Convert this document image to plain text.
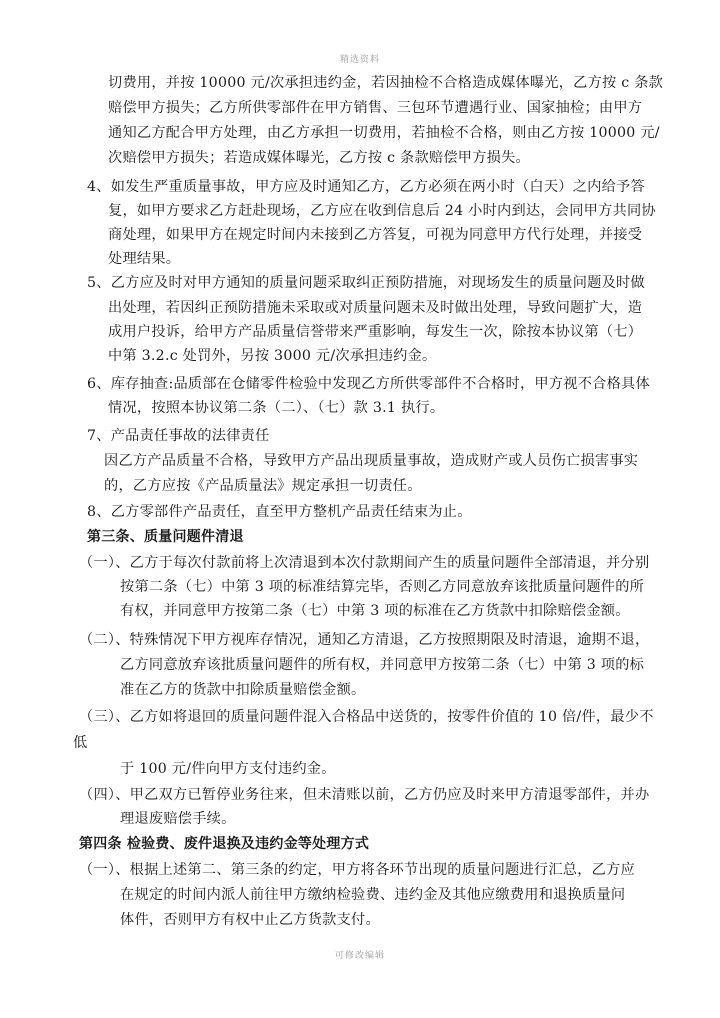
精选资料
切费用，并按 10000 元/次承担违约金，若因抽检不合格造成媒体曝光，乙方按 c 条款
赔偿甲方损失；乙方所供零部件在甲方销售、三包环节遭遇行业、国家抽检；由甲方
通知乙方配合甲方处理，由乙方承担一切费用，若抽检不合格，则由乙方按 10000 元/
次赔偿甲方损失；若造成媒体曝光，乙方按 c 条款赔偿甲方损失。
4、如发生严重质量事故，甲方应及时通知乙方，乙方必须在两小时（白天）之内给予答
复，如甲方要求乙方赶赴现场，乙方应在收到信息后 24 小时内到达，会同甲方共同协
商处理，如果甲方在规定时间内未接到乙方答复，可视为同意甲方代行处理，并接受
处理结果。
5、乙方应及时对甲方通知的质量问题采取纠正预防措施，对现场发生的质量问题及时做
出处理，若因纠正预防措施未采取或对质量问题未及时做出处理，导致问题扩大，造
成用户投诉，给甲方产品质量信誉带来严重影响，每发生一次，除按本协议第（七）
中第 3.2.c 处罚外，另按 3000 元/次承担违约金。
6、库存抽查:品质部在仓储零件检验中发现乙方所供零部件不合格时，甲方视不合格具体
情况，按照本协议第二条（二）、（七）款 3.1 执行。
7、产品责任事故的法律责任
因乙方产品质量不合格，导致甲方产品出现质量事故，造成财产或人员伤亡损害事实
的，乙方应按《产品质量法》规定承担一切责任。
8、乙方零部件产品责任，直至甲方整机产品责任结束为止。
第三条、质量问题件清退
（一）、乙方于每次付款前将上次清退到本次付款期间产生的质量问题件全部清退，并分别
按第二条（七）中第 3 项的标准结算完毕，否则乙方同意放弃该批质量问题件的所
有权，并同意甲方按第二条（七）中第 3 项的标准在乙方货款中扣除赔偿金额。
（二）、特殊情况下甲方视库存情况，通知乙方清退，乙方按照期限及时清退，逾期不退，
乙方同意放弃该批质量问题件的所有权，并同意甲方按第二条（七）中第 3 项的标
准在乙方的货款中扣除质量赔偿金额。
（三）、乙方如将退回的质量问题件混入合格品中送货的，按零件价值的 10 倍/件，最少不
低
于 100 元/件向甲方支付违约金。
（四）、甲乙双方已暂停业务往来，但未清账以前，乙方仍应及时来甲方清退零部件，并办
理退废赔偿手续。
第四条 检验费、废件退换及违约金等处理方式
（一）、根据上述第二、第三条的约定，甲方将各环节出现的质量问题进行汇总，乙方应
在规定的时间内派人前往甲方缴纳检验费、违约金及其他应缴费用和退换质量问
体件，否则甲方有权中止乙方货款支付。
可修改编辑
